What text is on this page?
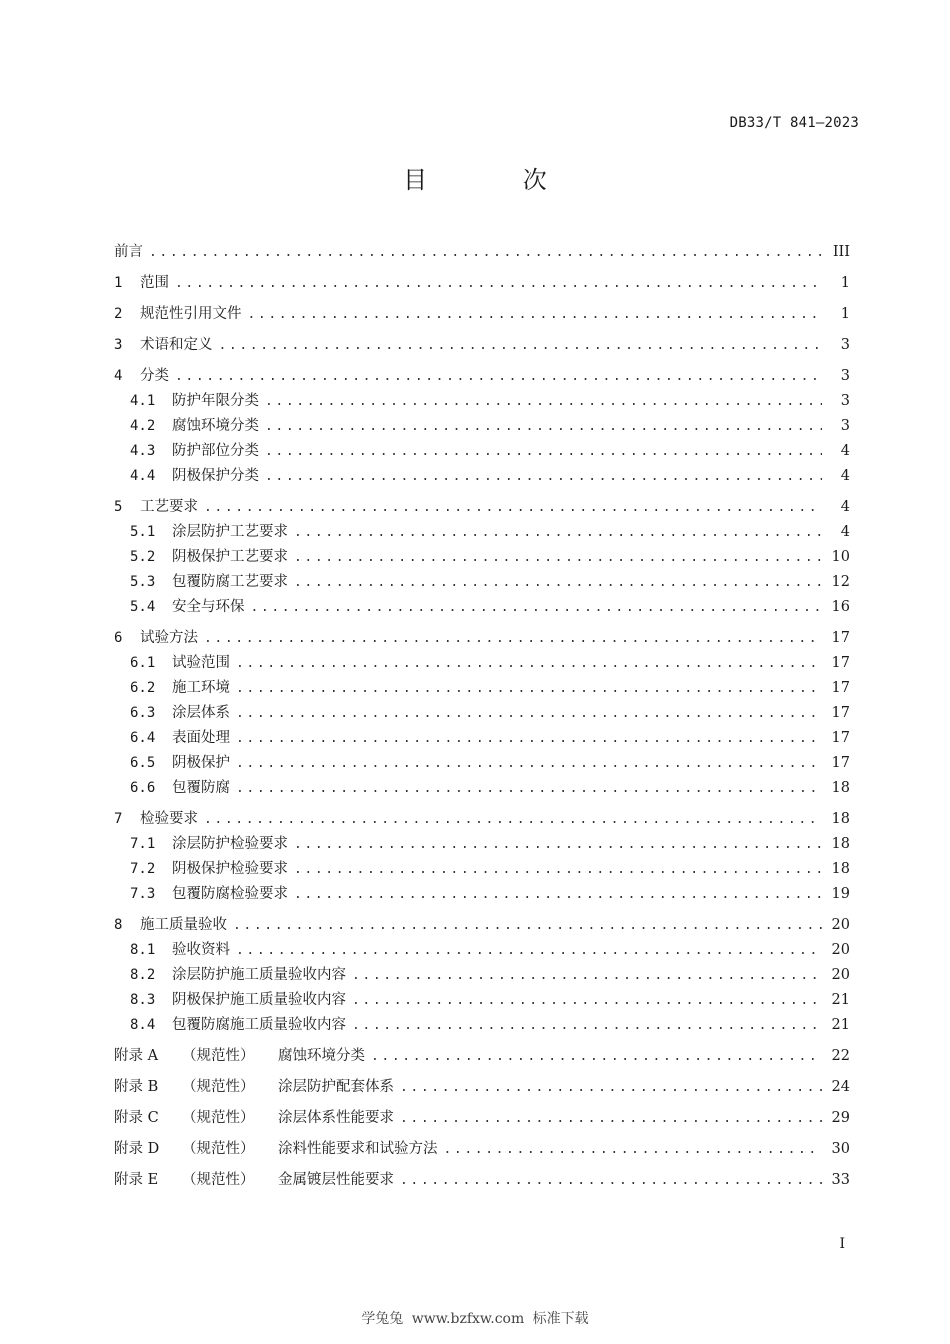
DB33/T 841—2023
目 次
前言 .....	III
1	范围 .....	1
2	规范性引用文件 .....	1
3	术语和定义 .....	3
4	分类 .....	3
4.1	防护年限分类 .....	3
4.2	腐蚀环境分类 .....	3
4.3	防护部位分类 .....	4
4.4	阴极保护分类 .....	4
5	工艺要求 .....	4
5.1	涂层防护工艺要求 .....	4
5.2	阴极保护工艺要求 .....	10
5.3	包覆防腐工艺要求 .....	12
5.4	安全与环保 .....	16
6	试验方法 .....	17
6.1	试验范围 .....	17
6.2	施工环境 .....	17
6.3	涂层体系 .....	17
6.4	表面处理 .....	17
6.5	阴极保护 .....	17
6.6	包覆防腐 .....	18
7	检验要求 .....	18
7.1	涂层防护检验要求 .....	18
7.2	阴极保护检验要求 .....	18
7.3	包覆防腐检验要求 .....	19
8	施工质量验收 .....	20
8.1	验收资料 .....	20
8.2	涂层防护施工质量验收内容 .....	20
8.3	阴极保护施工质量验收内容 .....	21
8.4	包覆防腐施工质量验收内容 .....	21
附录 A	（规范性）	腐蚀环境分类 .....	22
附录 B	（规范性）	涂层防护配套体系 .....	24
附录 C	（规范性）	涂层体系性能要求 .....	29
附录 D	（规范性）	涂料性能要求和试验方法 .....	30
附录 E	（规范性）	金属镀层性能要求 .....	33
I
学兔兔 www.bzfxw.com 标准下载
